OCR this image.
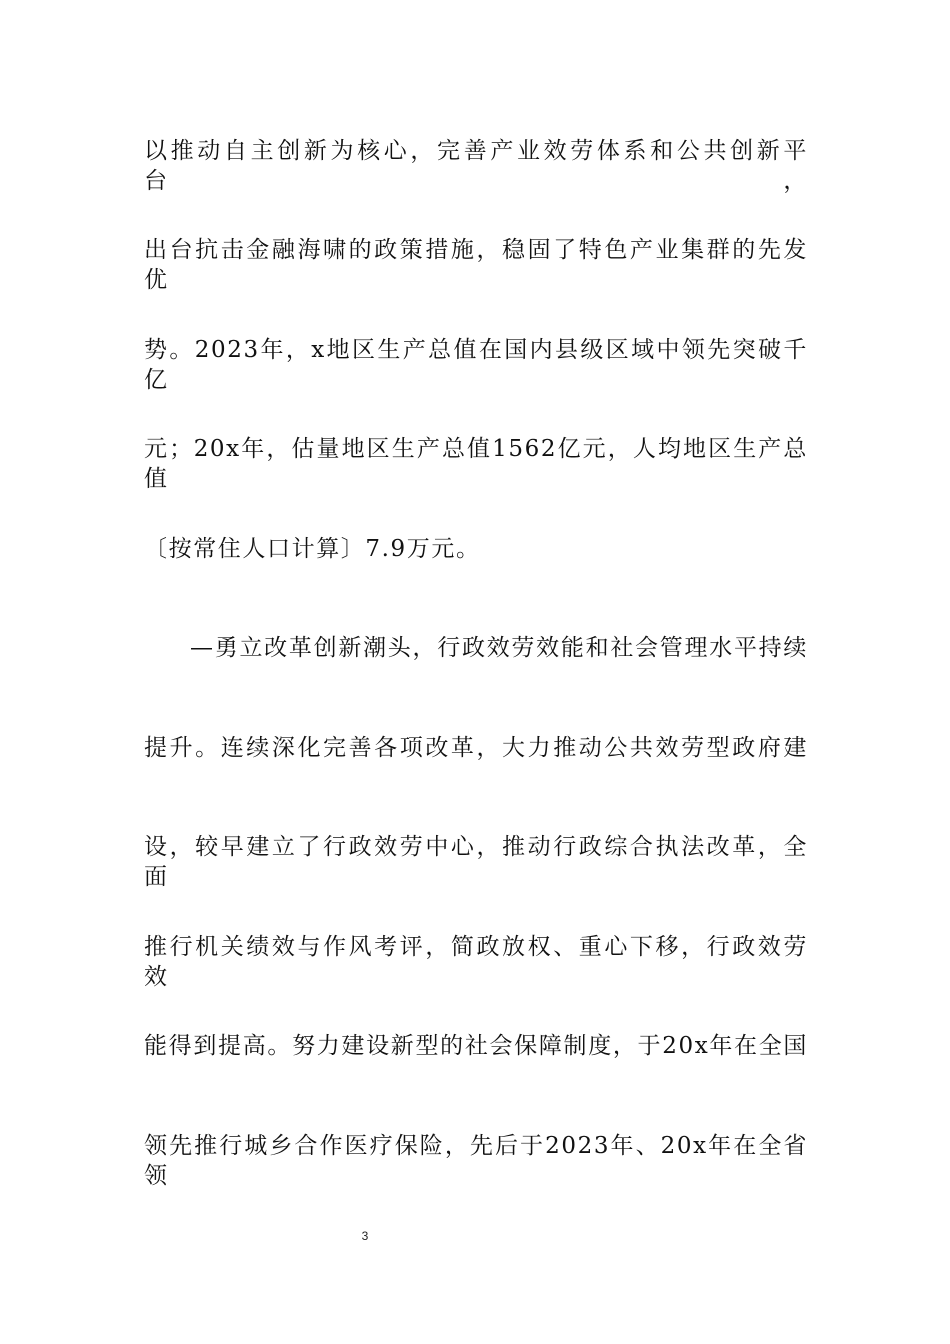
以推动自主创新为核心，完善产业效劳体系和公共创新平台，
出台抗击金融海啸的政策措施，稳固了特色产业集群的先发优
势。2023年，x地区生产总值在国内县级区域中领先突破千亿
元；20x年，估量地区生产总值1562亿元，人均地区生产总值
〔按常住人口计算〕7.9万元。
—勇立改革创新潮头，行政效劳效能和社会管理水平持续
提升。连续深化完善各项改革，大力推动公共效劳型政府建
设，较早建立了行政效劳中心，推动行政综合执法改革，全面
推行机关绩效与作风考评，简政放权、重心下移，行政效劳效
能得到提高。努力建设新型的社会保障制度，于20x年在全国
领先推行城乡合作医疗保险，先后于2023年、20x年在全省领
3
